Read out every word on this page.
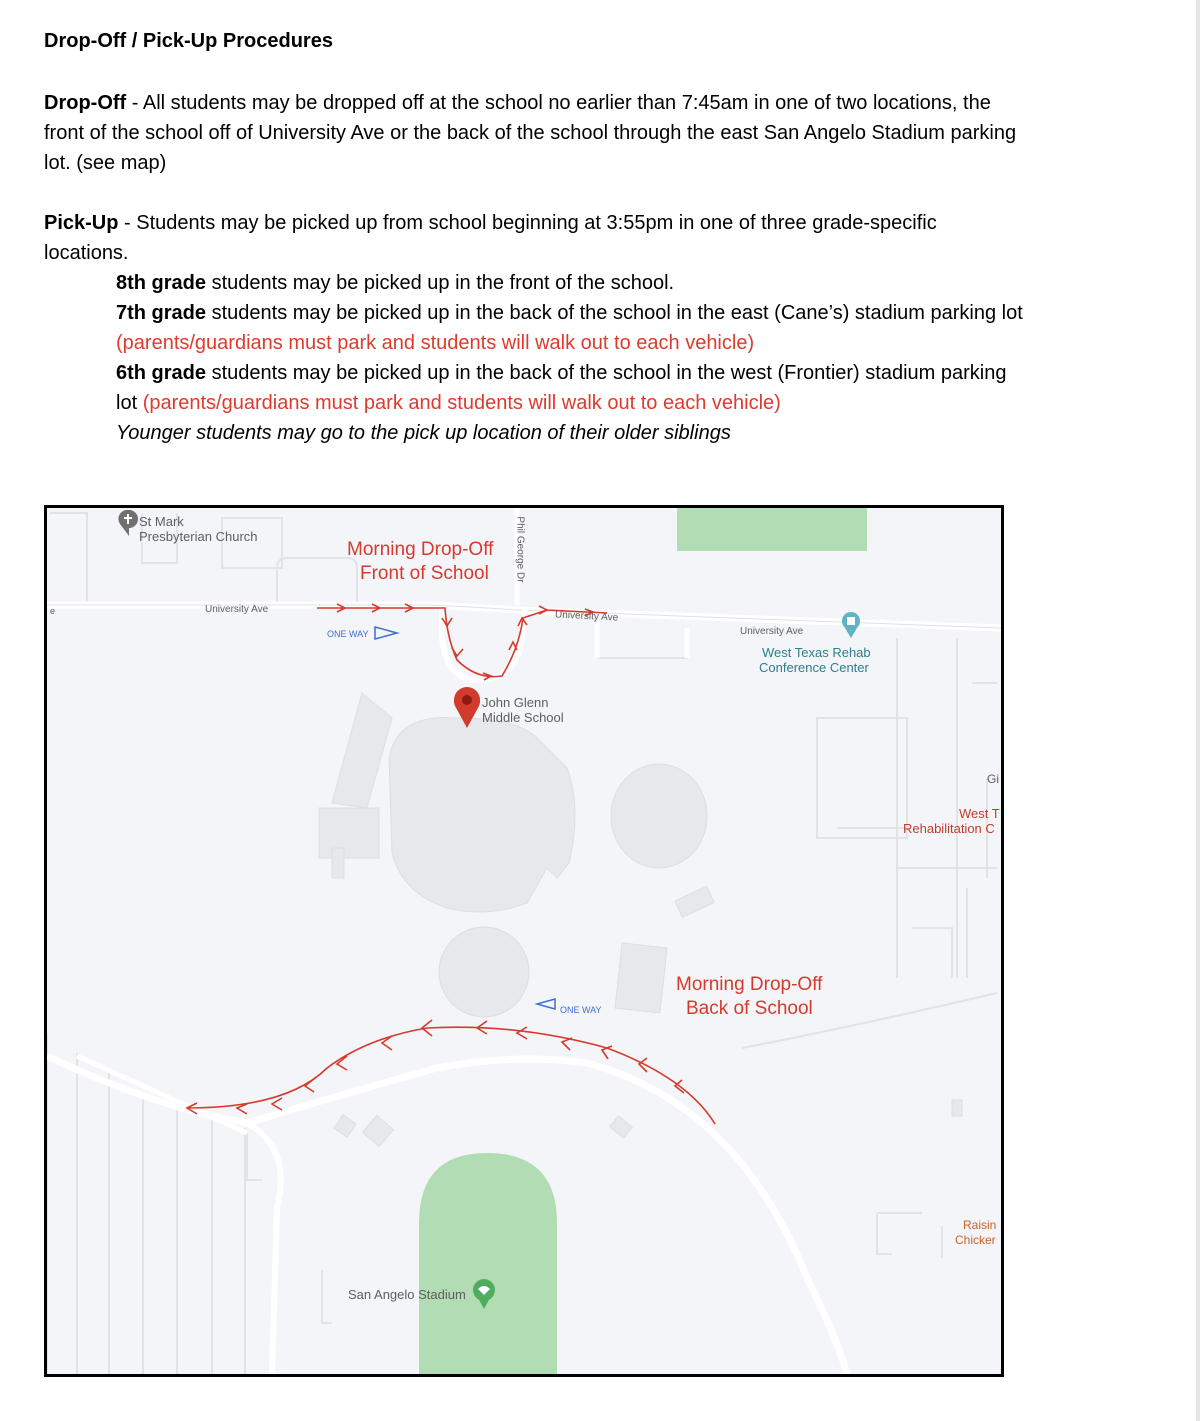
Drop-Off / Pick-Up Procedures
Drop-Off - All students may be dropped off at the school no earlier than 7:45am in one of two locations, the
front of the school off of University Ave or the back of the school through the east San Angelo Stadium parking
lot. (see map)
Pick-Up - Students may be picked up from school beginning at 3:55pm in one of three grade-specific
locations.
8th grade students may be picked up in the front of the school.
7th grade students may be picked up in the back of the school in the east (Cane’s) stadium parking lot
(parents/guardians must park and students will walk out to each vehicle)
6th grade students may be picked up in the back of the school in the west (Frontier) stadium parking
lot (parents/guardians must park and students will walk out to each vehicle)
Younger students may go to the pick up location of their older siblings
Morning Drop-Off
Front of School
Morning Drop-Off
Back of School
St Mark
Presbyterian Church
University Ave	University Ave
University Ave
Phil George Dr
ONE WAY
ONE WAY
John Glenn
Middle School
West Texas Rehab
Conference Center
Gi
West T
Rehabilitation C
Raisin
Chicker
San Angelo Stadium
e
